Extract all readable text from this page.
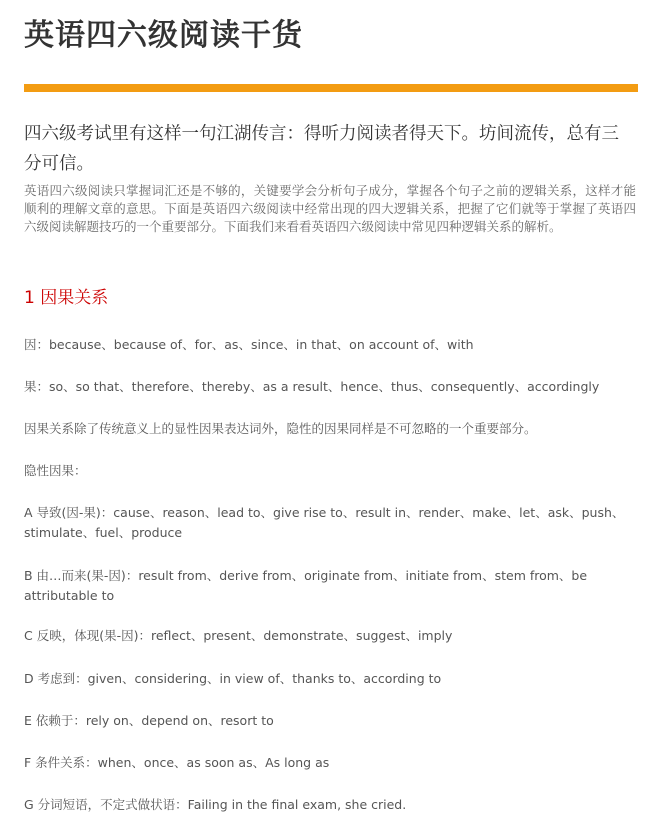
英语四六级阅读干货
四六级考试里有这样一句江湖传言：得听力阅读者得天下。坊间流传，总有三分可信。
英语四六级阅读只掌握词汇还是不够的，关键要学会分析句子成分，掌握各个句子之前的逻辑关系，这样才能顺利的理解文章的意思。下面是英语四六级阅读中经常出现的四大逻辑关系，把握了它们就等于掌握了英语四六级阅读解题技巧的一个重要部分。下面我们来看看英语四六级阅读中常见四种逻辑关系的解析。
1 因果关系
因：because、because of、for、as、since、in that、on account of、with
果：so、so that、therefore、thereby、as a result、hence、thus、consequently、accordingly
因果关系除了传统意义上的显性因果表达词外，隐性的因果同样是不可忽略的一个重要部分。
隐性因果：
A 导致(因-果)：cause、reason、lead to、give rise to、result in、render、make、let、ask、push、stimulate、fuel、produce
B 由…而来(果-因)：result from、derive from、originate from、initiate from、stem from、be attributable to
C 反映，体现(果-因)：reflect、present、demonstrate、suggest、imply
D 考虑到：given、considering、in view of、thanks to、according to
E 依赖于：rely on、depend on、resort to
F 条件关系：when、once、as soon as、As long as
G 分词短语，不定式做状语：Failing in the final exam, she cried.
